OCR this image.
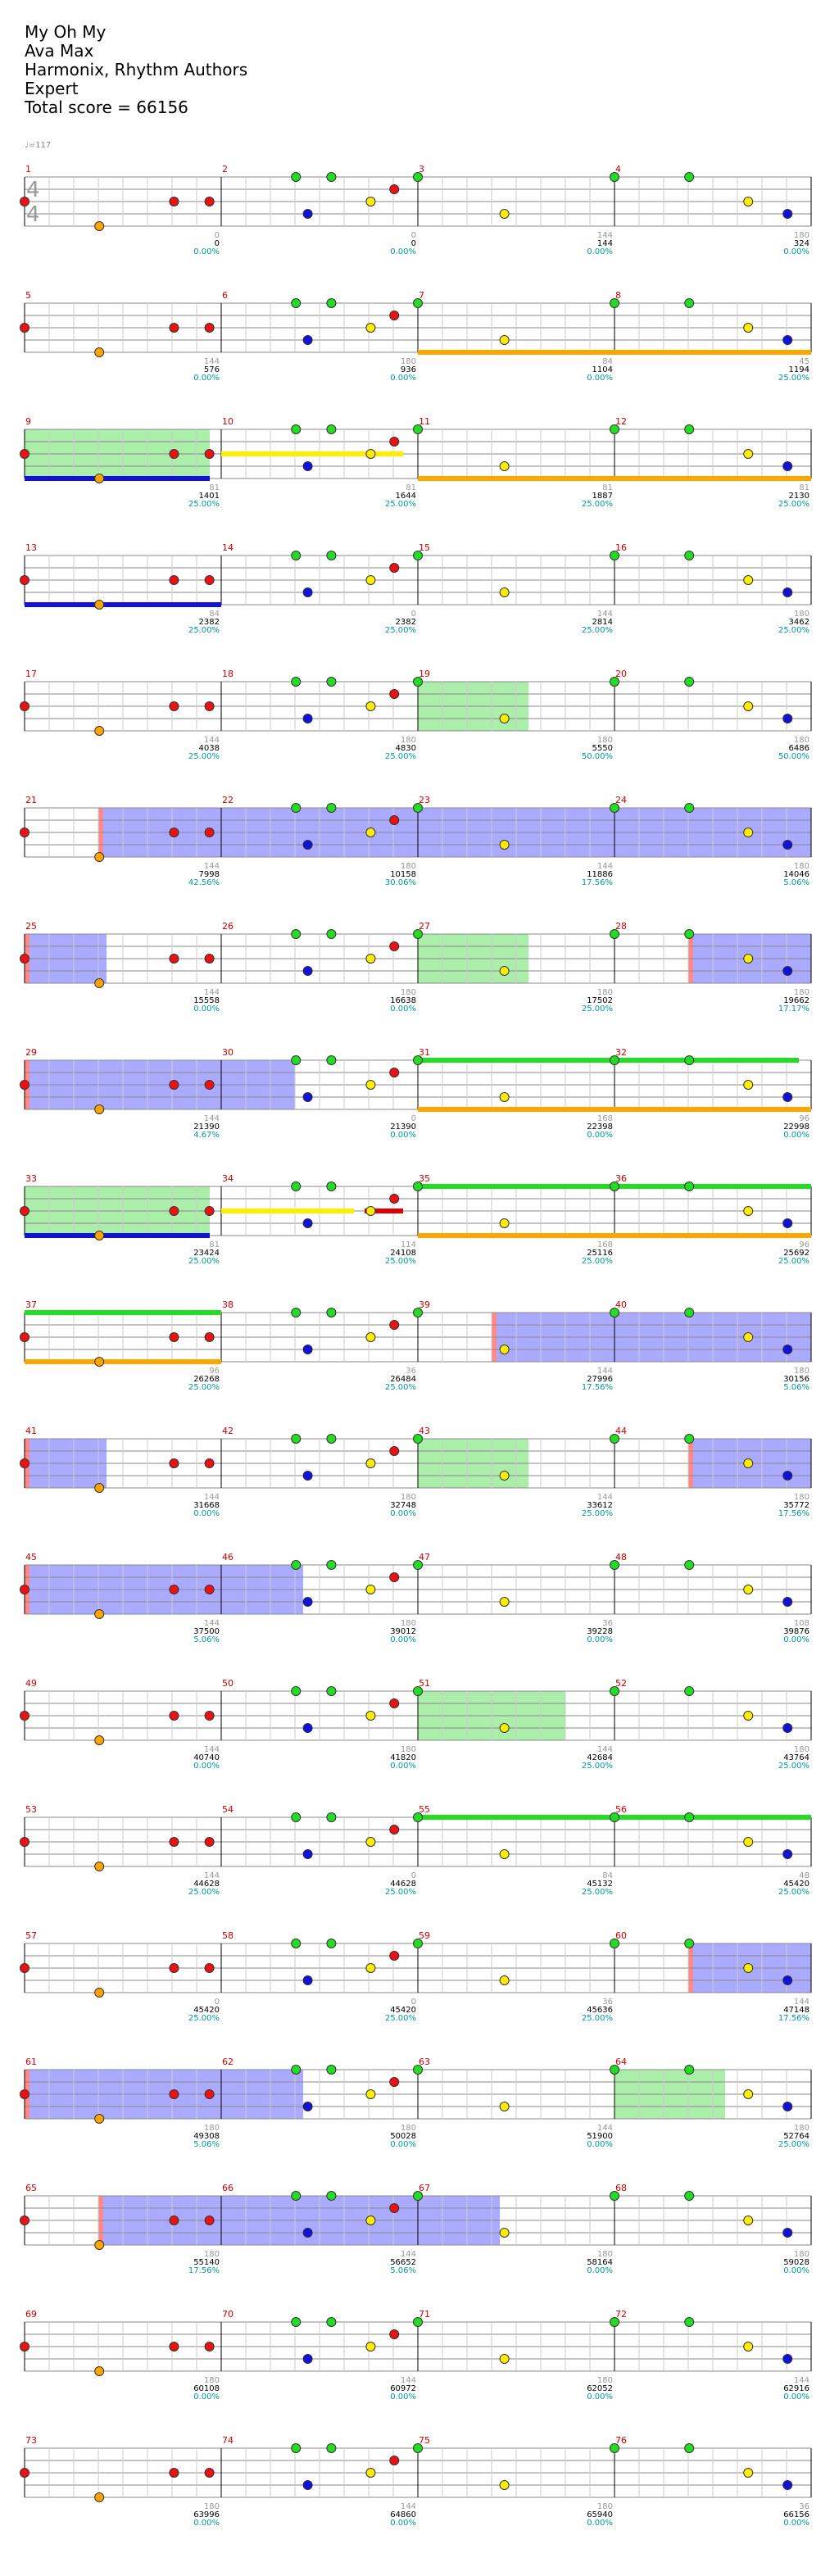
My Oh My
Ava Max
Harmonix, Rhythm Authors
Expert
Total score = 66156
♩=117
4
4
1
0
0
0.00%
2
0
0
0.00%
3
144
144
0.00%
4
180
324
0.00%
5
144
576
0.00%
6
180
936
0.00%
7
84
1104
0.00%
8
45
1194
25.00%
9
81
1401
25.00%
10
81
1644
25.00%
11
81
1887
25.00%
12
81
2130
25.00%
13
84
2382
25.00%
14
0
2382
25.00%
15
144
2814
25.00%
16
180
3462
25.00%
17
144
4038
25.00%
18
180
4830
25.00%
19
180
5550
50.00%
20
180
6486
50.00%
21
144
7998
42.56%
22
180
10158
30.06%
23
144
11886
17.56%
24
180
14046
5.06%
25
144
15558
0.00%
26
180
16638
0.00%
27
180
17502
25.00%
28
180
19662
17.17%
29
144
21390
4.67%
30
0
21390
0.00%
31
168
22398
0.00%
32
96
22998
0.00%
33
81
23424
25.00%
34
114
24108
25.00%
35
168
25116
25.00%
36
96
25692
25.00%
37
96
26268
25.00%
38
36
26484
25.00%
39
144
27996
17.56%
40
180
30156
5.06%
41
144
31668
0.00%
42
180
32748
0.00%
43
144
33612
25.00%
44
180
35772
17.56%
45
144
37500
5.06%
46
180
39012
0.00%
47
36
39228
0.00%
48
108
39876
0.00%
49
144
40740
0.00%
50
180
41820
0.00%
51
144
42684
25.00%
52
180
43764
25.00%
53
144
44628
25.00%
54
0
44628
25.00%
55
84
45132
25.00%
56
48
45420
25.00%
57
0
45420
25.00%
58
0
45420
25.00%
59
36
45636
25.00%
60
144
47148
17.56%
61
180
49308
5.06%
62
180
50028
0.00%
63
144
51900
0.00%
64
180
52764
25.00%
65
180
55140
17.56%
66
144
56652
5.06%
67
180
58164
0.00%
68
180
59028
0.00%
69
180
60108
0.00%
70
144
60972
0.00%
71
180
62052
0.00%
72
144
62916
0.00%
73
180
63996
0.00%
74
144
64860
0.00%
75
180
65940
0.00%
76
36
66156
0.00%
